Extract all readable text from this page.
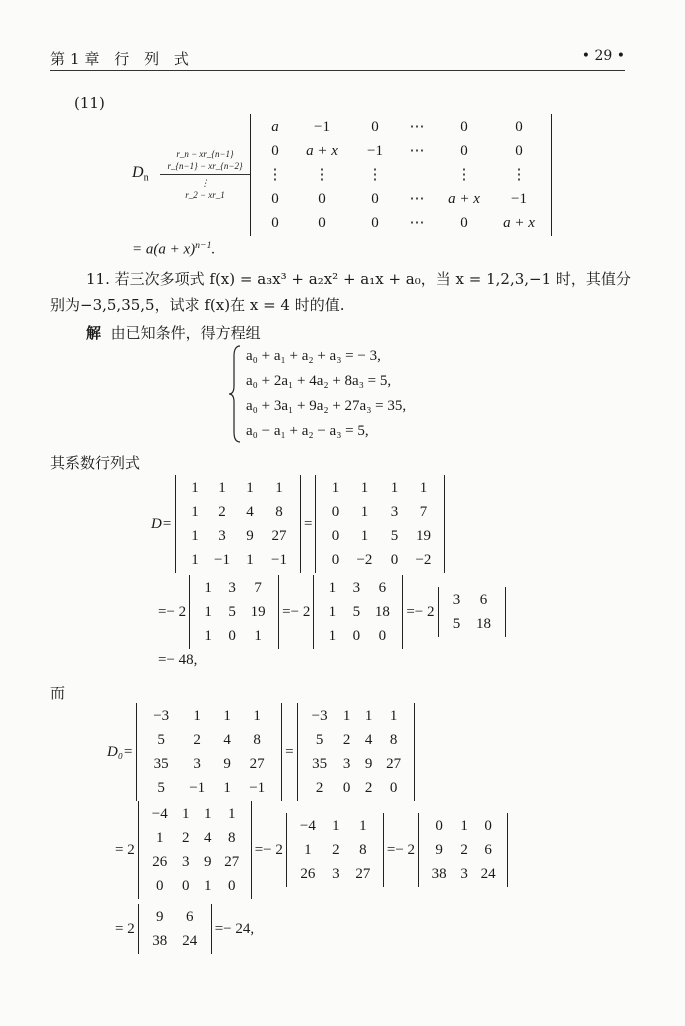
第1章 行 列 式	• 29 •
(11)
$D_n$
r_n − xr_{n−1}
r_{n−1} − xr_{n−2}
⋮
r_2 − xr_1
a	−1	0	⋯	0	0
0	a + x	−1	⋯	0	0
⋮	⋮	⋮	⋮	⋮
0	0	0	⋯	a + x	−1
0	0	0	⋯	0	a + x
= $a(a + x)^{n-1}$.
11. 若三次多项式 f(x) = a₃x³ + a₂x² + a₁x + a₀，当 x = 1,2,3,−1 时，其值分
别为−3,5,35,5，试求 f(x)在 x = 4 时的值.
解 由已知条件，得方程组
a₀ + a₁ + a₂ + a₃ = − 3,
a₀ + 2a₁ + 4a₂ + 8a₃ = 5,
a₀ + 3a₁ + 9a₂ + 27a₃ = 35,
a₀ − a₁ + a₂ − a₃ = 5,
其系数行列式
D=
1	1	1	1
1	2	4	8
1	3	9	27
1	−1	1	−1
=
1	1	1	1
0	1	3	7
0	1	5	19
0	−2	0	−2
=− 2
1	3	7
1	5 19
1	0	1
=− 2
1	3	6
1	5 18
1	0	0
=− 2
3	6
5	18
=− 48,
而
D₀=
−3	1	1	1
5	2	4	8
35	3	9	27
5	−1	1	−1
=
−3	1 1	1
5	2 4	8
35	3 9 27
2	0 2	0
= 2
−4 1 1	1
1	2 4	8
26 3 9 27
0	0 1	0
=− 2
−4	1	1
1	2	8
26	3	27
=− 2
0	1	0
9	2	6
38 3 24
= 2
9	6
38	24
=− 24,
